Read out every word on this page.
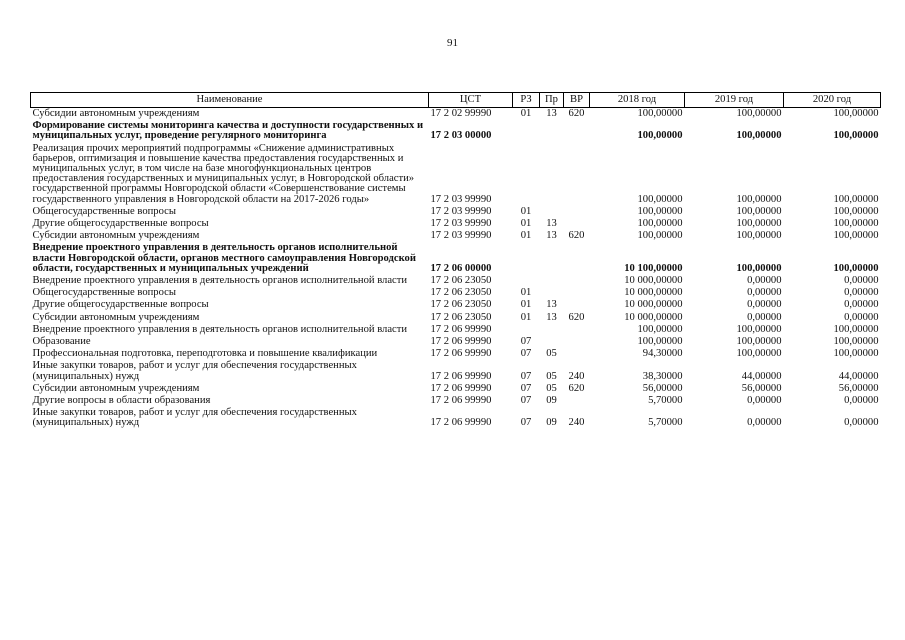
91
Наименование	ЦСТ	РЗ	Пр	ВР	2018 год	2019 год	2020 год
Субсидии автономным учреждениям	17 2 02 99990	01	13	620	100,00000	100,00000	100,00000
Формирование системы мониторинга качества и доступности государственных и муниципальных услуг, проведение регулярного мониторинга	17 2 03 00000				100,00000	100,00000	100,00000
Реализация прочих мероприятий подпрограммы «Снижение административных барьеров, оптимизация и повышение качества предоставления государственных и муниципальных услуг, в том числе на базе многофункциональных центров предоставления государственных и муниципальных услуг, в Новгородской области» государственной программы Новгородской области «Совершенствование системы государственного управления в Новгородской области на 2017-2026 годы»	17 2 03 99990				100,00000	100,00000	100,00000
Общегосударственные вопросы	17 2 03 99990	01			100,00000	100,00000	100,00000
Другие общегосударственные вопросы	17 2 03 99990	01	13		100,00000	100,00000	100,00000
Субсидии автономным учреждениям	17 2 03 99990	01	13	620	100,00000	100,00000	100,00000
Внедрение проектного управления в деятельность органов исполнительной власти Новгородской области, органов местного самоуправления Новгородской области, государственных и муниципальных учреждений	17 2 06 00000				10 100,00000	100,00000	100,00000
Внедрение проектного управления в деятельность органов исполнительной власти	17 2 06 23050				10 000,00000	0,00000	0,00000
Общегосударственные вопросы	17 2 06 23050	01			10 000,00000	0,00000	0,00000
Другие общегосударственные вопросы	17 2 06 23050	01	13		10 000,00000	0,00000	0,00000
Субсидии автономным учреждениям	17 2 06 23050	01	13	620	10 000,00000	0,00000	0,00000
Внедрение проектного управления в деятельность органов исполнительной власти	17 2 06 99990				100,00000	100,00000	100,00000
Образование	17 2 06 99990	07			100,00000	100,00000	100,00000
Профессиональная подготовка, переподготовка и повышение квалификации	17 2 06 99990	07	05		94,30000	100,00000	100,00000
Иные закупки товаров, работ и услуг для обеспечения государственных (муниципальных) нужд	17 2 06 99990	07	05	240	38,30000	44,00000	44,00000
Субсидии автономным учреждениям	17 2 06 99990	07	05	620	56,00000	56,00000	56,00000
Другие вопросы в области образования	17 2 06 99990	07	09		5,70000	0,00000	0,00000
Иные закупки товаров, работ и услуг для обеспечения государственных (муниципальных) нужд	17 2 06 99990	07	09	240	5,70000	0,00000	0,00000
